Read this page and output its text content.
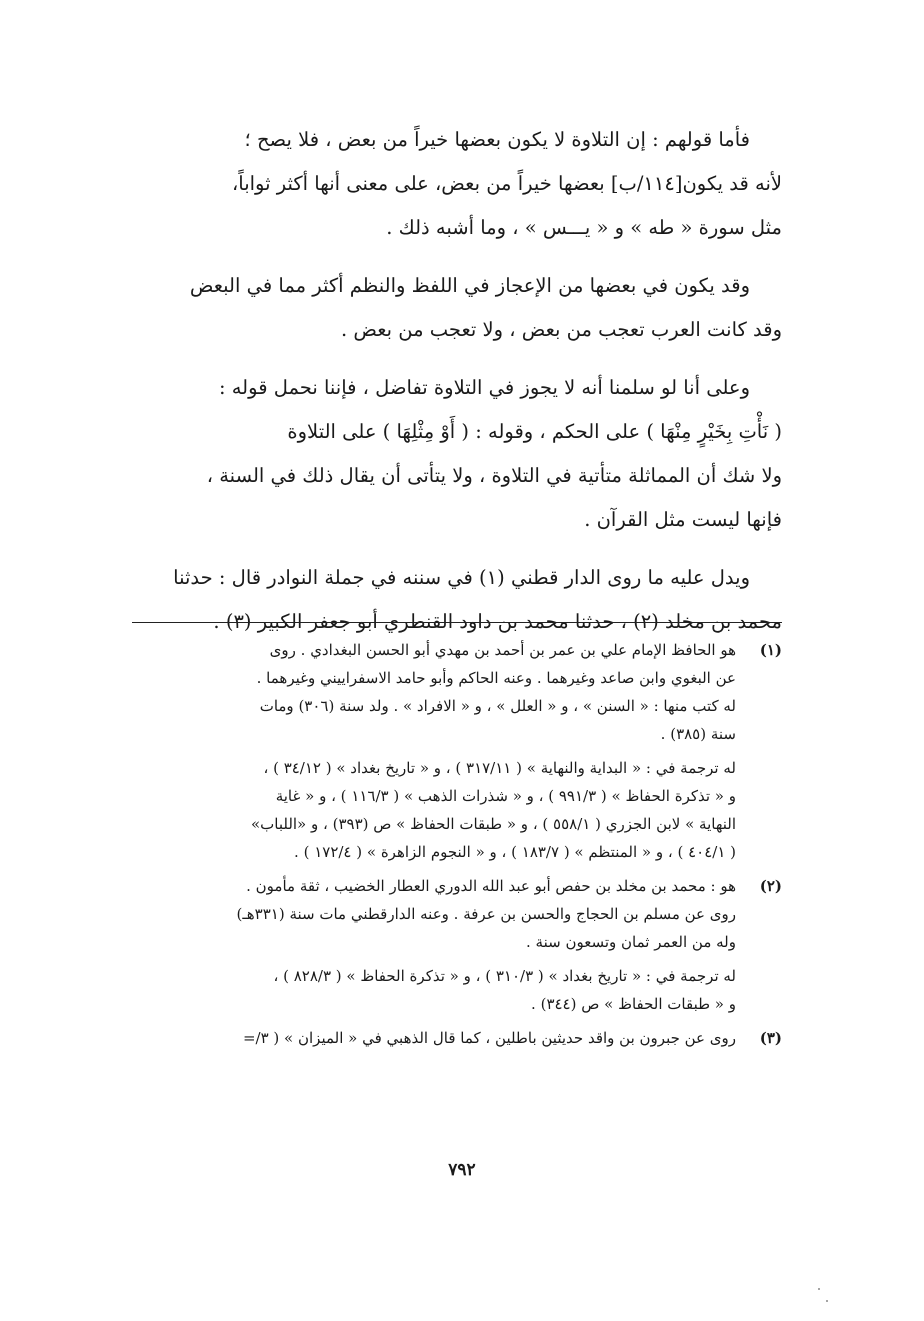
فأما قولهم : إن التلاوة لا يكون بعضها خيراً من بعض ، فلا يصح ؛
لأنه قد يكون[١١٤/ب] بعضها خيراً من بعض، على معنى أنها أكثر ثواباً،
مثل سورة « طه » و « يـــس » ، وما أشبه ذلك .

وقد يكون في بعضها من الإعجاز في اللفظ والنظم أكثر مما في البعض
وقد كانت العرب تعجب من بعض ، ولا تعجب من بعض .

وعلى أنا لو سلمنا أنه لا يجوز في التلاوة تفاضل ، فإننا نحمل قوله :
( نَأْتِ بِخَيْرٍ مِنْهَا ) على الحكم ، وقوله : ( أَوْ مِثْلِهَا ) على التلاوة
ولا شك أن المماثلة متأتية في التلاوة ، ولا يتأتى أن يقال ذلك في السنة ،
فإنها ليست مثل القرآن .

ويدل عليه ما روى الدار قطني (١) في سننه في جملة النوادر قال : حدثنا
محمد بن مخلد (٢) ، حدثنا محمد بن داود القنطري أبو جعفر الكبير (٣) .

(١)
هو الحافظ الإمام علي بن عمر بن أحمد بن مهدي أبو الحسن البغدادي . روى
عن البغوي وابن صاعد وغيرهما . وعنه الحاكم وأبو حامد الاسفراييني وغيرهما .
له كتب منها : « السنن » ، و « العلل » ، و « الافراد » . ولد سنة (٣٠٦) ومات
سنة (٣٨٥) .
له ترجمة في : « البداية والنهاية » ( ٣١٧/١١ ) ، و « تاريخ بغداد » ( ٣٤/١٢ ) ،
و « تذكرة الحفاظ » ( ٩٩١/٣ ) ، و « شذرات الذهب » ( ١١٦/٣ ) ، و « غاية
النهاية » لابن الجزري ( ٥٥٨/١ ) ، و « طبقات الحفاظ » ص (٣٩٣) ، و «اللباب»
( ٤٠٤/١ ) ، و « المنتظم » ( ١٨٣/٧ ) ، و « النجوم الزاهرة » ( ١٧٢/٤ ) .
(٢)
هو : محمد بن مخلد بن حفص أبو عبد الله الدوري العطار الخضيب ، ثقة مأمون .
روى عن مسلم بن الحجاج والحسن بن عرفة . وعنه الدارقطني مات سنة (٣٣١هـ)
وله من العمر ثمان وتسعون سنة .
له ترجمة في : « تاريخ بغداد » ( ٣١٠/٣ ) ، و « تذكرة الحفاظ » ( ٨٢٨/٣ ) ،
و « طبقات الحفاظ » ص (٣٤٤) .
(٣)
روى عن جبرون بن واقد حديثين باطلين ، كما قال الذهبي في « الميزان » ( ٣/=
٧٩٢
